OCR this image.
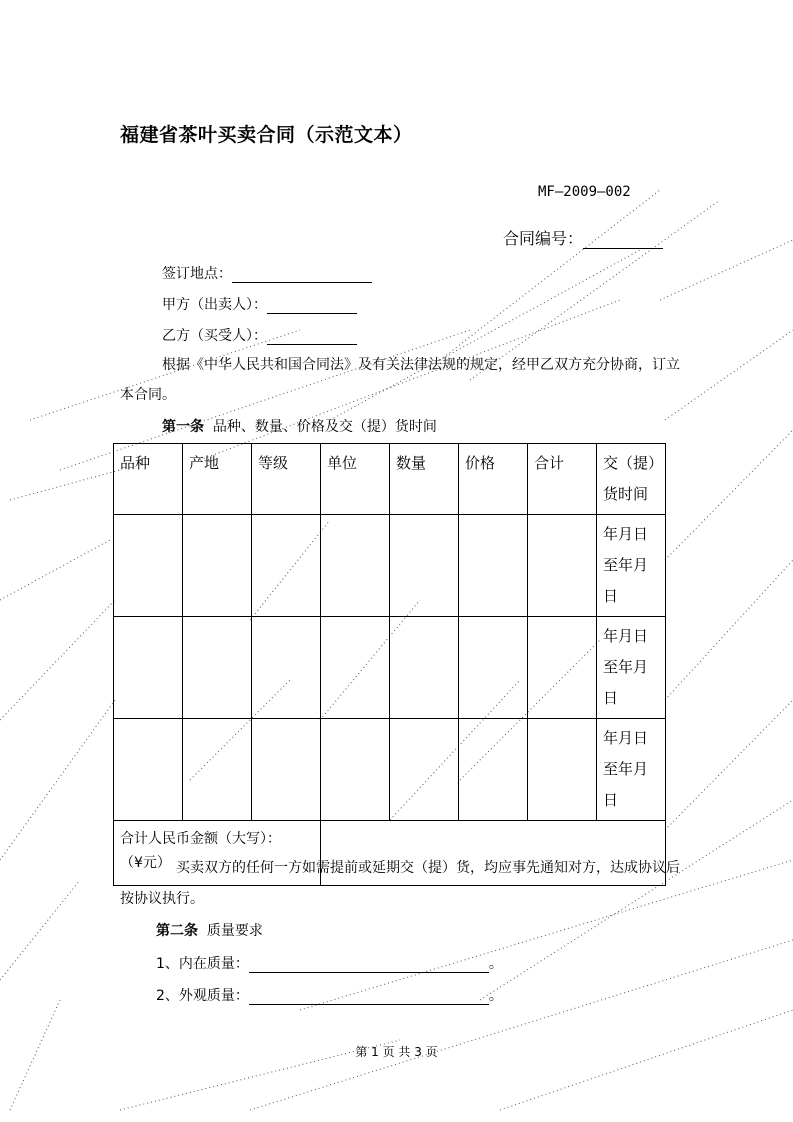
福建省茶叶买卖合同（示范文本）
MF—2009—002
合同编号：
签订地点：
甲方（出卖人）：
乙方（买受人）：
根据《中华人民共和国合同法》及有关法律法规的规定，经甲乙双方充分协商，订立
本合同。
第一条 品种、数量、价格及交（提）货时间
品种	产地	等级	单位	数量	价格	合计	交（提）
货时间

							年月日
至年月
日

							年月日
至年月
日

							年月日
至年月
日

合计人民币金额（大写）：
（¥元）							
	买卖双方的任何一方如需提前或延期交（提）货，均应事先通知对方，达成协议后
按协议执行。
第二条 质量要求
1、内在质量：	。
2、外观质量：	。
第 1 页 共 3 页
